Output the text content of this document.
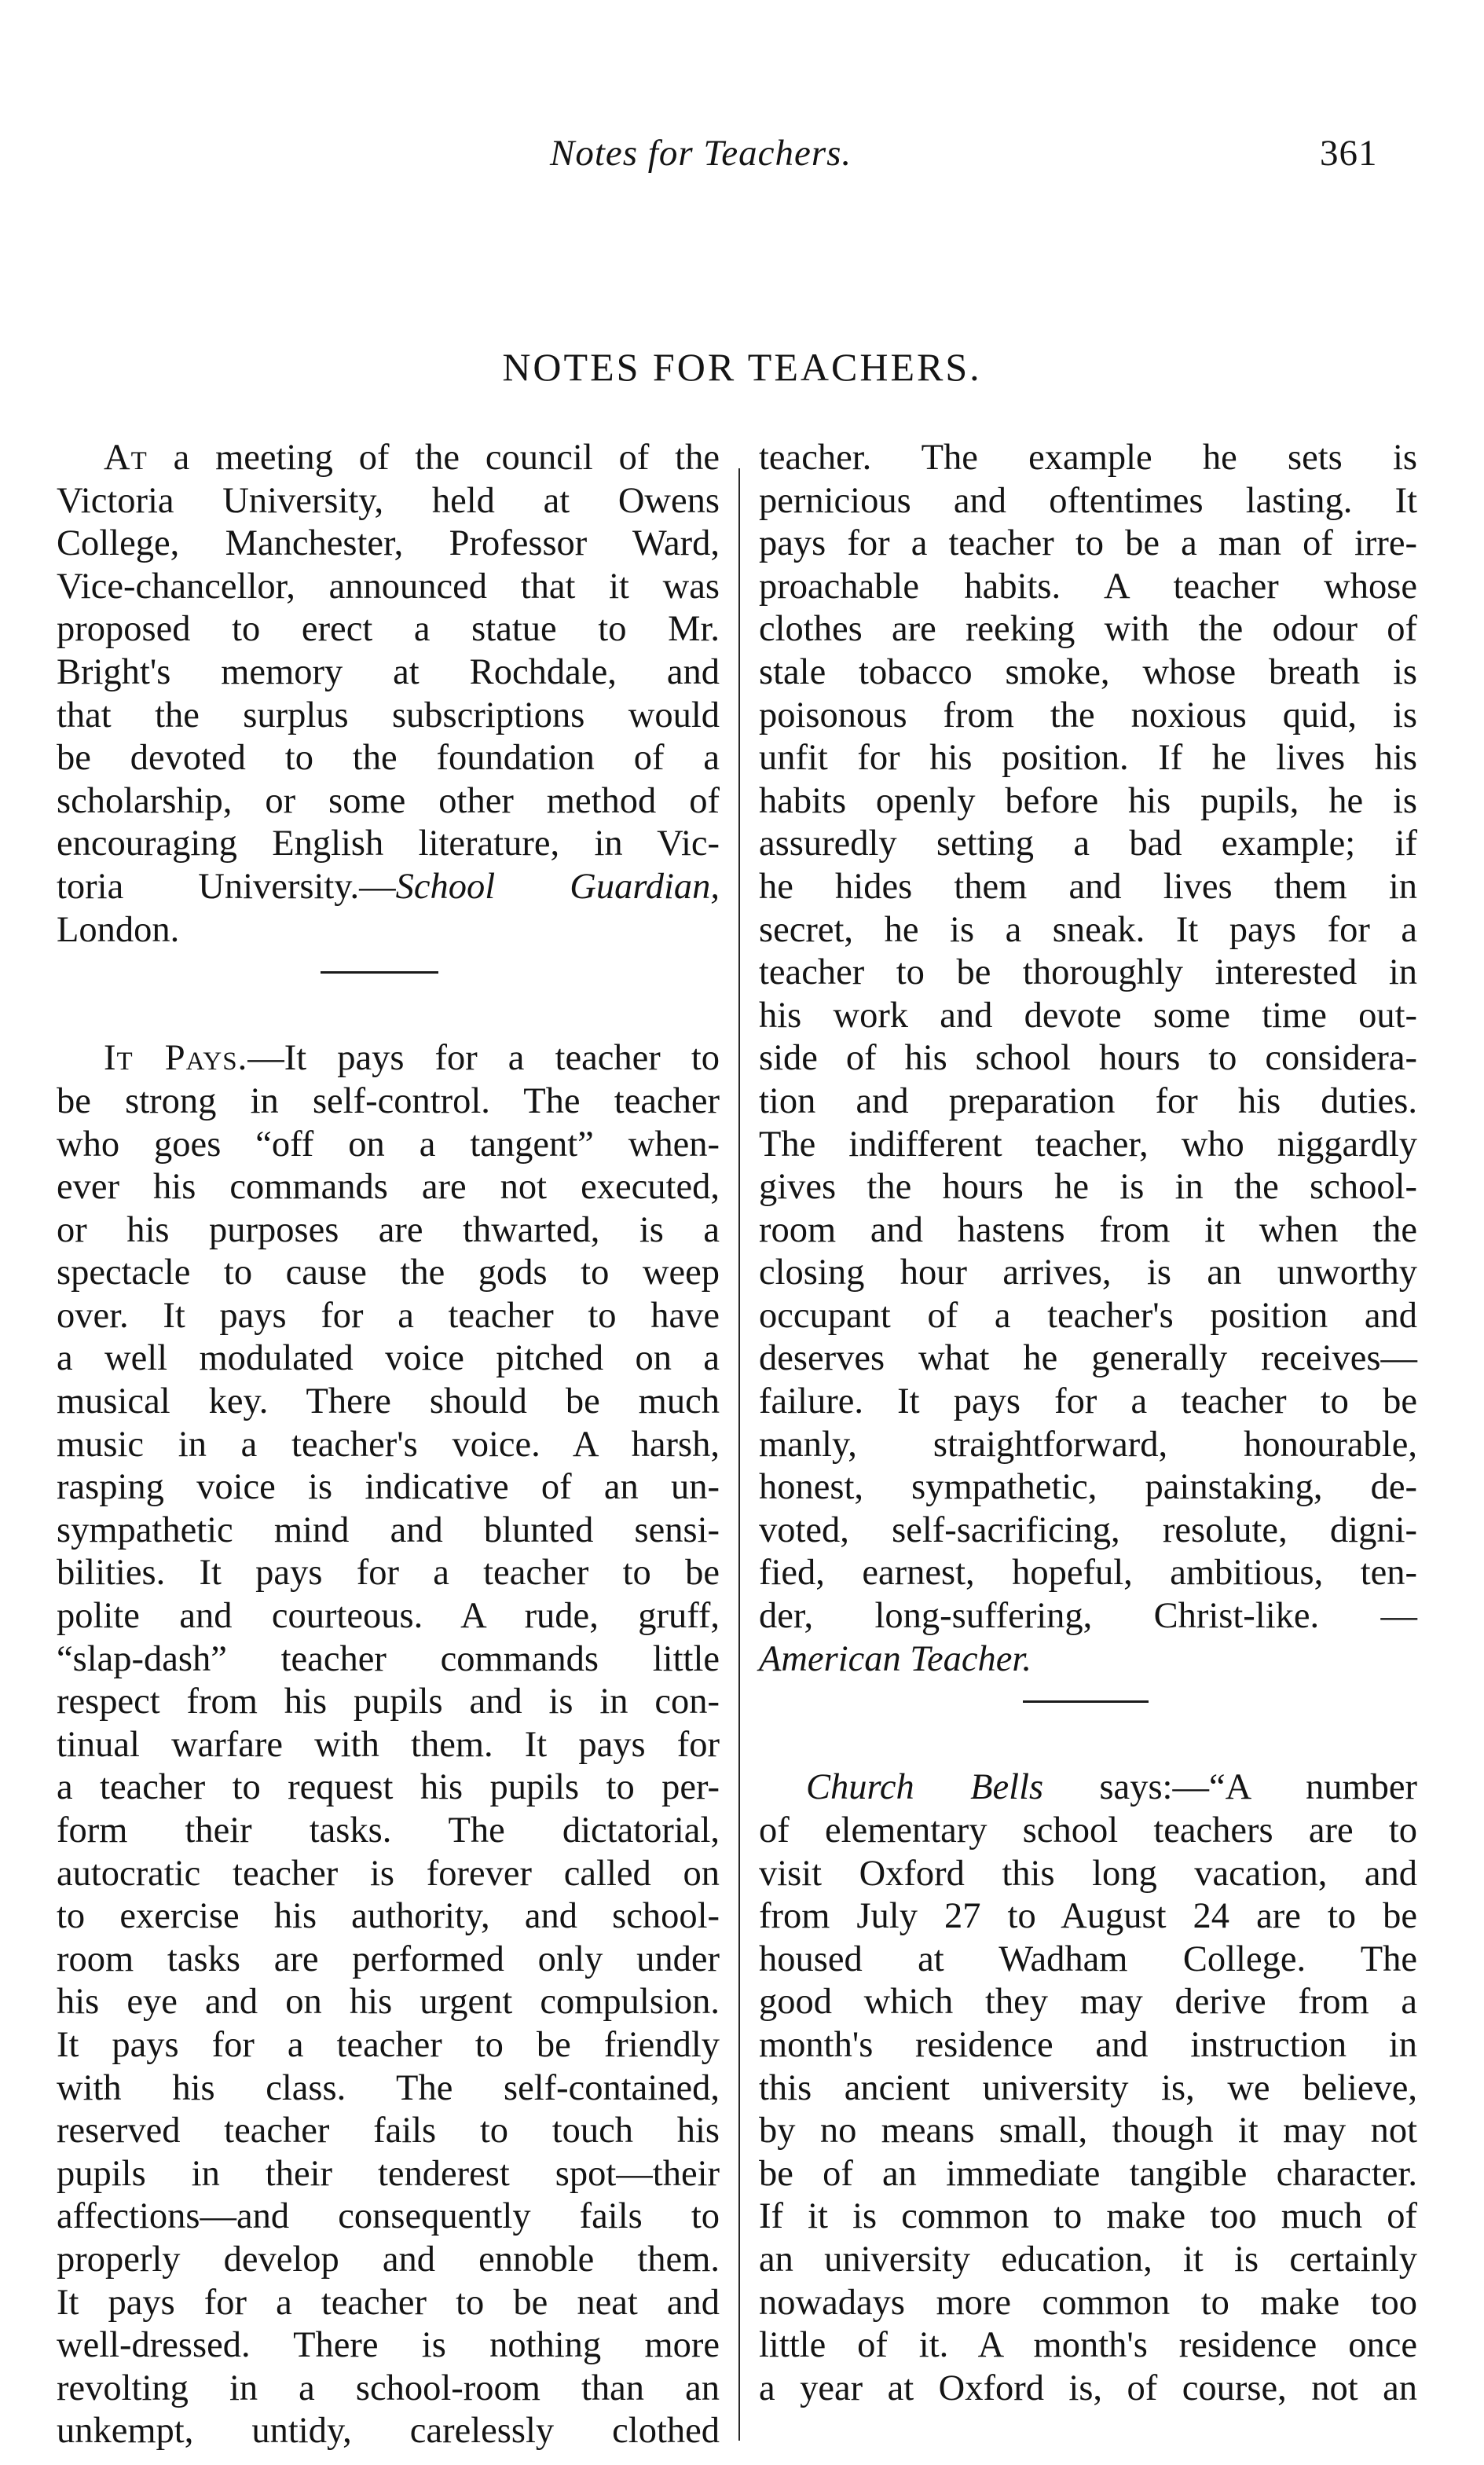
Notes for Teachers.	361
NOTES FOR TEACHERS.
At a meeting of the council of the
Victoria University, held at Owens
College, Manchester, Professor Ward,
Vice-chancellor, announced that it was
proposed to erect a statue to Mr.
Bright's memory at Rochdale, and
that the surplus subscriptions would
be devoted to the foundation of a
scholarship, or some other method of
encouraging English literature, in Vic-
toria University.—School Guardian,
London.
It Pays.—It pays for a teacher to
be strong in self-control. The teacher
who goes “off on a tangent” when-
ever his commands are not executed,
or his purposes are thwarted, is a
spectacle to cause the gods to weep
over. It pays for a teacher to have
a well modulated voice pitched on a
musical key. There should be much
music in a teacher's voice. A harsh,
rasping voice is indicative of an un-
sympathetic mind and blunted sensi-
bilities. It pays for a teacher to be
polite and courteous. A rude, gruff,
“slap-dash” teacher commands little
respect from his pupils and is in con-
tinual warfare with them. It pays for
a teacher to request his pupils to per-
form their tasks. The dictatorial,
autocratic teacher is forever called on
to exercise his authority, and school-
room tasks are performed only under
his eye and on his urgent compulsion.
It pays for a teacher to be friendly
with his class. The self-contained,
reserved teacher fails to touch his
pupils in their tenderest spot—their
affections—and consequently fails to
properly develop and ennoble them.
It pays for a teacher to be neat and
well-dressed. There is nothing more
revolting in a school-room than an
unkempt, untidy, carelessly clothed
teacher. The example he sets is
pernicious and oftentimes lasting. It
pays for a teacher to be a man of irre-
proachable habits. A teacher whose
clothes are reeking with the odour of
stale tobacco smoke, whose breath is
poisonous from the noxious quid, is
unfit for his position. If he lives his
habits openly before his pupils, he is
assuredly setting a bad example; if
he hides them and lives them in
secret, he is a sneak. It pays for a
teacher to be thoroughly interested in
his work and devote some time out-
side of his school hours to considera-
tion and preparation for his duties.
The indifferent teacher, who niggardly
gives the hours he is in the school-
room and hastens from it when the
closing hour arrives, is an unworthy
occupant of a teacher's position and
deserves what he generally receives—
failure. It pays for a teacher to be
manly, straightforward, honourable,
honest, sympathetic, painstaking, de-
voted, self-sacrificing, resolute, digni-
fied, earnest, hopeful, ambitious, ten-
der, long-suffering, Christ-like. —
American Teacher.
Church Bells says:—“A number
of elementary school teachers are to
visit Oxford this long vacation, and
from July 27 to August 24 are to be
housed at Wadham College. The
good which they may derive from a
month's residence and instruction in
this ancient university is, we believe,
by no means small, though it may not
be of an immediate tangible character.
If it is common to make too much of
an university education, it is certainly
nowadays more common to make too
little of it. A month's residence once
a year at Oxford is, of course, not an
